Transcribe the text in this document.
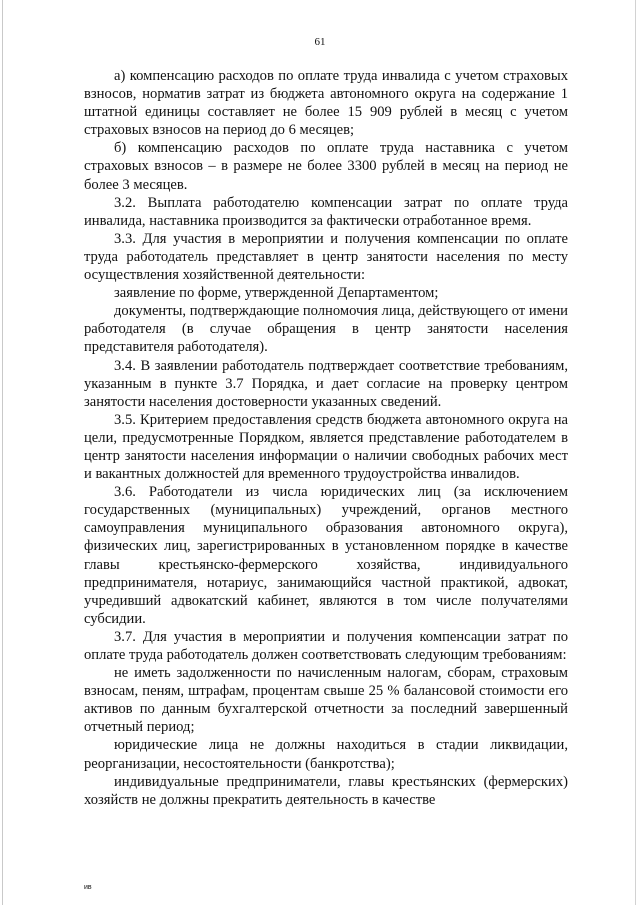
61

а) компенсацию расходов по оплате труда инвалида с учетом страховых взносов, норматив затрат из бюджета автономного округа на содержание 1 штатной единицы составляет не более 15 909 рублей в месяц с учетом страховых взносов на период до 6 месяцев;

б) компенсацию расходов по оплате труда наставника с учетом страховых взносов – в размере не более 3300 рублей в месяц на период не более 3 месяцев.

3.2. Выплата работодателю компенсации затрат по оплате труда инвалида, наставника производится за фактически отработанное время.

3.3. Для участия в мероприятии и получения компенсации по оплате труда работодатель представляет в центр занятости населения по месту осуществления хозяйственной деятельности:

заявление по форме, утвержденной Департаментом;

документы, подтверждающие полномочия лица, действующего от имени работодателя (в случае обращения в центр занятости населения представителя работодателя).

3.4. В заявлении работодатель подтверждает соответствие требованиям, указанным в пункте 3.7 Порядка, и дает согласие на проверку центром занятости населения достоверности указанных сведений.

3.5. Критерием предоставления средств бюджета автономного округа на цели, предусмотренные Порядком, является представление работодателем в центр занятости населения информации о наличии свободных рабочих мест и вакантных должностей для временного трудоустройства инвалидов.

3.6. Работодатели из числа юридических лиц (за исключением государственных (муниципальных) учреждений, органов местного самоуправления муниципального образования автономного округа), физических лиц, зарегистрированных в установленном порядке в качестве главы крестьянско-фермерского хозяйства, индивидуального предпринимателя, нотариус, занимающийся частной практикой, адвокат, учредивший адвокатский кабинет, являются в том числе получателями субсидии.

3.7. Для участия в мероприятии и получения компенсации затрат по оплате труда работодатель должен соответствовать следующим требованиям:

не иметь задолженности по начисленным налогам, сборам, страховым взносам, пеням, штрафам, процентам свыше 25 % балансовой стоимости его активов по данным бухгалтерской отчетности за последний завершенный отчетный период;

юридические лица не должны находиться в стадии ликвидации, реорганизации, несостоятельности (банкротства);

индивидуальные предприниматели, главы крестьянских (фермерских) хозяйств не должны прекратить деятельность в качестве

ив
